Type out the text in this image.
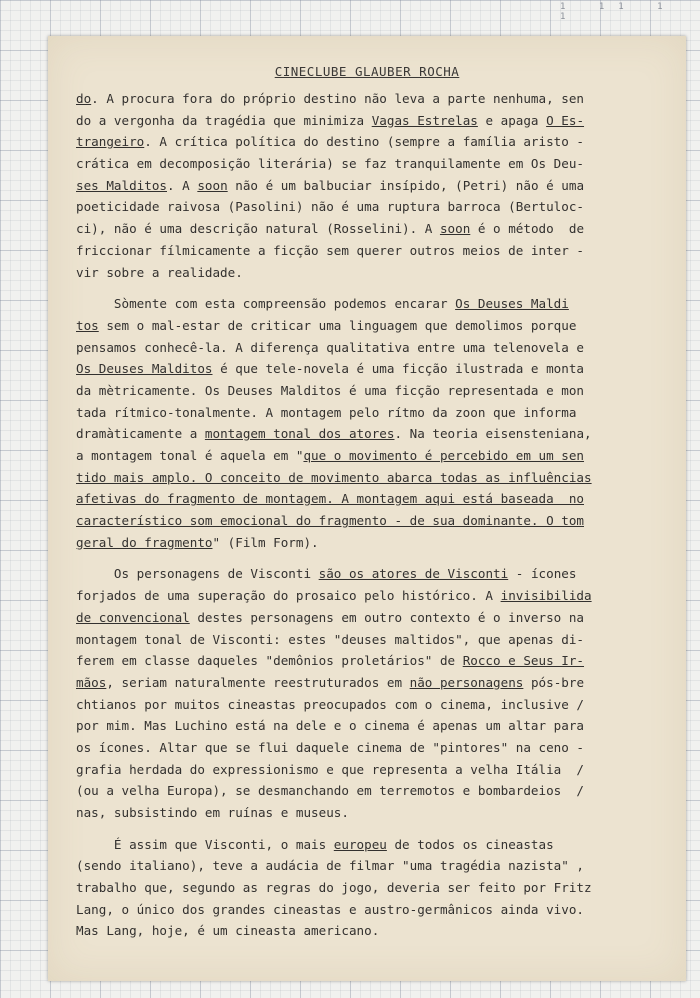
1 11 1 1
CINECLUBE GLAUBER ROCHA
do. A procura fora do próprio destino não leva a parte nenhuma, sen
do a vergonha da tragédia que minimiza Vagas Estrelas e apaga O Es-
trangeiro. A crítica política do destino (sempre a família aristo -
crática em decomposição literária) se faz tranquilamente em Os Deu-
ses Malditos. A soon não é um balbuciar insípido, (Petri) não é uma
poeticidade raivosa (Pasolini) não é uma ruptura barroca (Bertuloc-
ci), não é uma descrição natural (Rosselini). A soon é o método  de
friccionar fílmicamente a ficção sem querer outros meios de inter -
vir sobre a realidade.
Sòmente com esta compreensão podemos encarar Os Deuses Maldi
tos sem o mal-estar de criticar uma linguagem que demolimos porque
pensamos conhecê-la. A diferença qualitativa entre uma telenovela e
Os Deuses Malditos é que tele-novela é uma ficção ilustrada e monta
da mètricamente. Os Deuses Malditos é uma ficção representada e mon
tada rítmico-tonalmente. A montagem pelo rítmo da zoon que informa
dramàticamente a montagem tonal dos atores. Na teoria eisensteniana,
a montagem tonal é aquela em "que o movimento é percebido em um sen
tido mais amplo. O conceito de movimento abarca todas as influências
afetivas do fragmento de montagem. A montagem aqui está baseada  no
característico som emocional do fragmento - de sua dominante. O tom
geral do fragmento" (Film Form).
Os personagens de Visconti são os atores de Visconti - ícones
forjados de uma superação do prosaico pelo histórico. A invisibilida
de convencional destes personagens em outro contexto é o inverso na
montagem tonal de Visconti: estes "deuses maltidos", que apenas di-
ferem em classe daqueles "demônios proletários" de Rocco e Seus Ir-
mãos, seriam naturalmente reestruturados em não personagens pós-bre
chtianos por muitos cineastas preocupados com o cinema, inclusive /
por mim. Mas Luchino está na dele e o cinema é apenas um altar para
os ícones. Altar que se flui daquele cinema de "pintores" na ceno -
grafia herdada do expressionismo e que representa a velha Itália  /
(ou a velha Europa), se desmanchando em terremotos e bombardeios  /
nas, subsistindo em ruínas e museus.
É assim que Visconti, o mais europeu de todos os cineastas
(sendo italiano), teve a audácia de filmar "uma tragédia nazista" ,
trabalho que, segundo as regras do jogo, deveria ser feito por Fritz
Lang, o único dos grandes cineastas e austro-germânicos ainda vivo.
Mas Lang, hoje, é um cineasta americano.
